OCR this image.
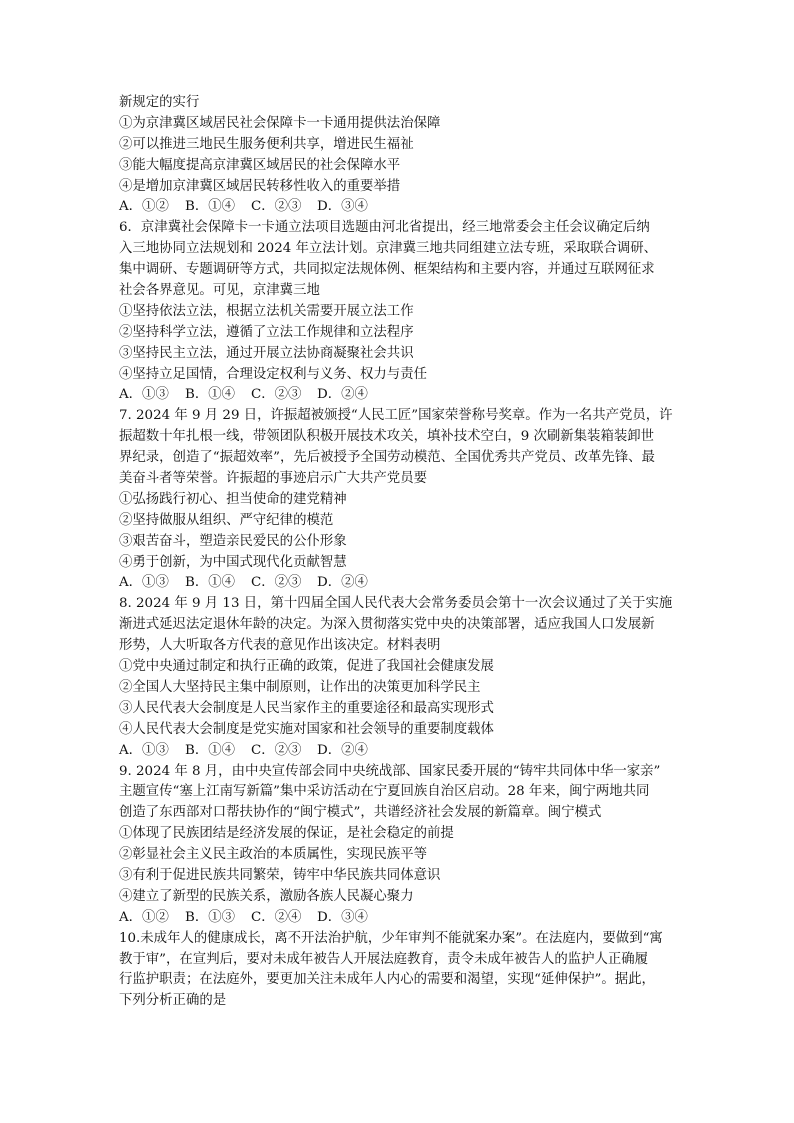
新规定的实行
①为京津冀区域居民社会保障卡一卡通用提供法治保障
②可以推进三地民生服务便利共享，增进民生福祉
③能大幅度提高京津冀区域居民的社会保障水平
④是增加京津冀区域居民转移性收入的重要举措
A．①②	B．①④	C．②③	D．③④
6．京津冀社会保障卡一卡通立法项目选题由河北省提出，经三地常委会主任会议确定后纳
入三地协同立法规划和 2024 年立法计划。京津冀三地共同组建立法专班，采取联合调研、
集中调研、专题调研等方式，共同拟定法规体例、框架结构和主要内容，并通过互联网征求
社会各界意见。可见，京津冀三地
①坚持依法立法，根据立法机关需要开展立法工作
②坚持科学立法，遵循了立法工作规律和立法程序
③坚持民主立法，通过开展立法协商凝聚社会共识
④坚持立足国情，合理设定权利与义务、权力与责任
A．①③	B．①④	C．②③	D．②④
7. 2024 年 9 月 29 日，许振超被颁授“人民工匠”国家荣誉称号奖章。作为一名共产党员，许
振超数十年扎根一线，带领团队积极开展技术攻关，填补技术空白，9 次刷新集装箱装卸世
界纪录，创造了“振超效率”，先后被授予全国劳动模范、全国优秀共产党员、改革先锋、最
美奋斗者等荣誉。许振超的事迹启示广大共产党员要
①弘扬践行初心、担当使命的建党精神
②坚持做服从组织、严守纪律的模范
③艰苦奋斗，塑造亲民爱民的公仆形象
④勇于创新，为中国式现代化贡献智慧
A．①③	B．①④	C．②③	D．②④
8. 2024 年 9 月 13 日，第十四届全国人民代表大会常务委员会第十一次会议通过了关于实施
渐进式延迟法定退休年龄的决定。为深入贯彻落实党中央的决策部署，适应我国人口发展新
形势，人大听取各方代表的意见作出该决定。材料表明
①党中央通过制定和执行正确的政策，促进了我国社会健康发展
②全国人大坚持民主集中制原则，让作出的决策更加科学民主
③人民代表大会制度是人民当家作主的重要途径和最高实现形式
④人民代表大会制度是党实施对国家和社会领导的重要制度载体
A．①③	B．①④	C．②③	D．②④
9. 2024 年 8 月，由中央宣传部会同中央统战部、国家民委开展的“铸牢共同体中华一家亲”
主题宣传“塞上江南写新篇”集中采访活动在宁夏回族自治区启动。28 年来，闽宁两地共同
创造了东西部对口帮扶协作的“闽宁模式”，共谱经济社会发展的新篇章。闽宁模式
①体现了民族团结是经济发展的保证，是社会稳定的前提
②彰显社会主义民主政治的本质属性，实现民族平等
③有利于促进民族共同繁荣，铸牢中华民族共同体意识
④建立了新型的民族关系，激励各族人民凝心聚力
A．①②	B．①③	C．②④	D．③④
10.未成年人的健康成长，离不开法治护航，少年审判不能就案办案”。在法庭内，要做到“寓
教于审”，在宣判后，要对未成年被告人开展法庭教育，责令未成年被告人的监护人正确履
行监护职责；在法庭外，要更加关注未成年人内心的需要和渴望，实现“延伸保护”。据此，
下列分析正确的是
